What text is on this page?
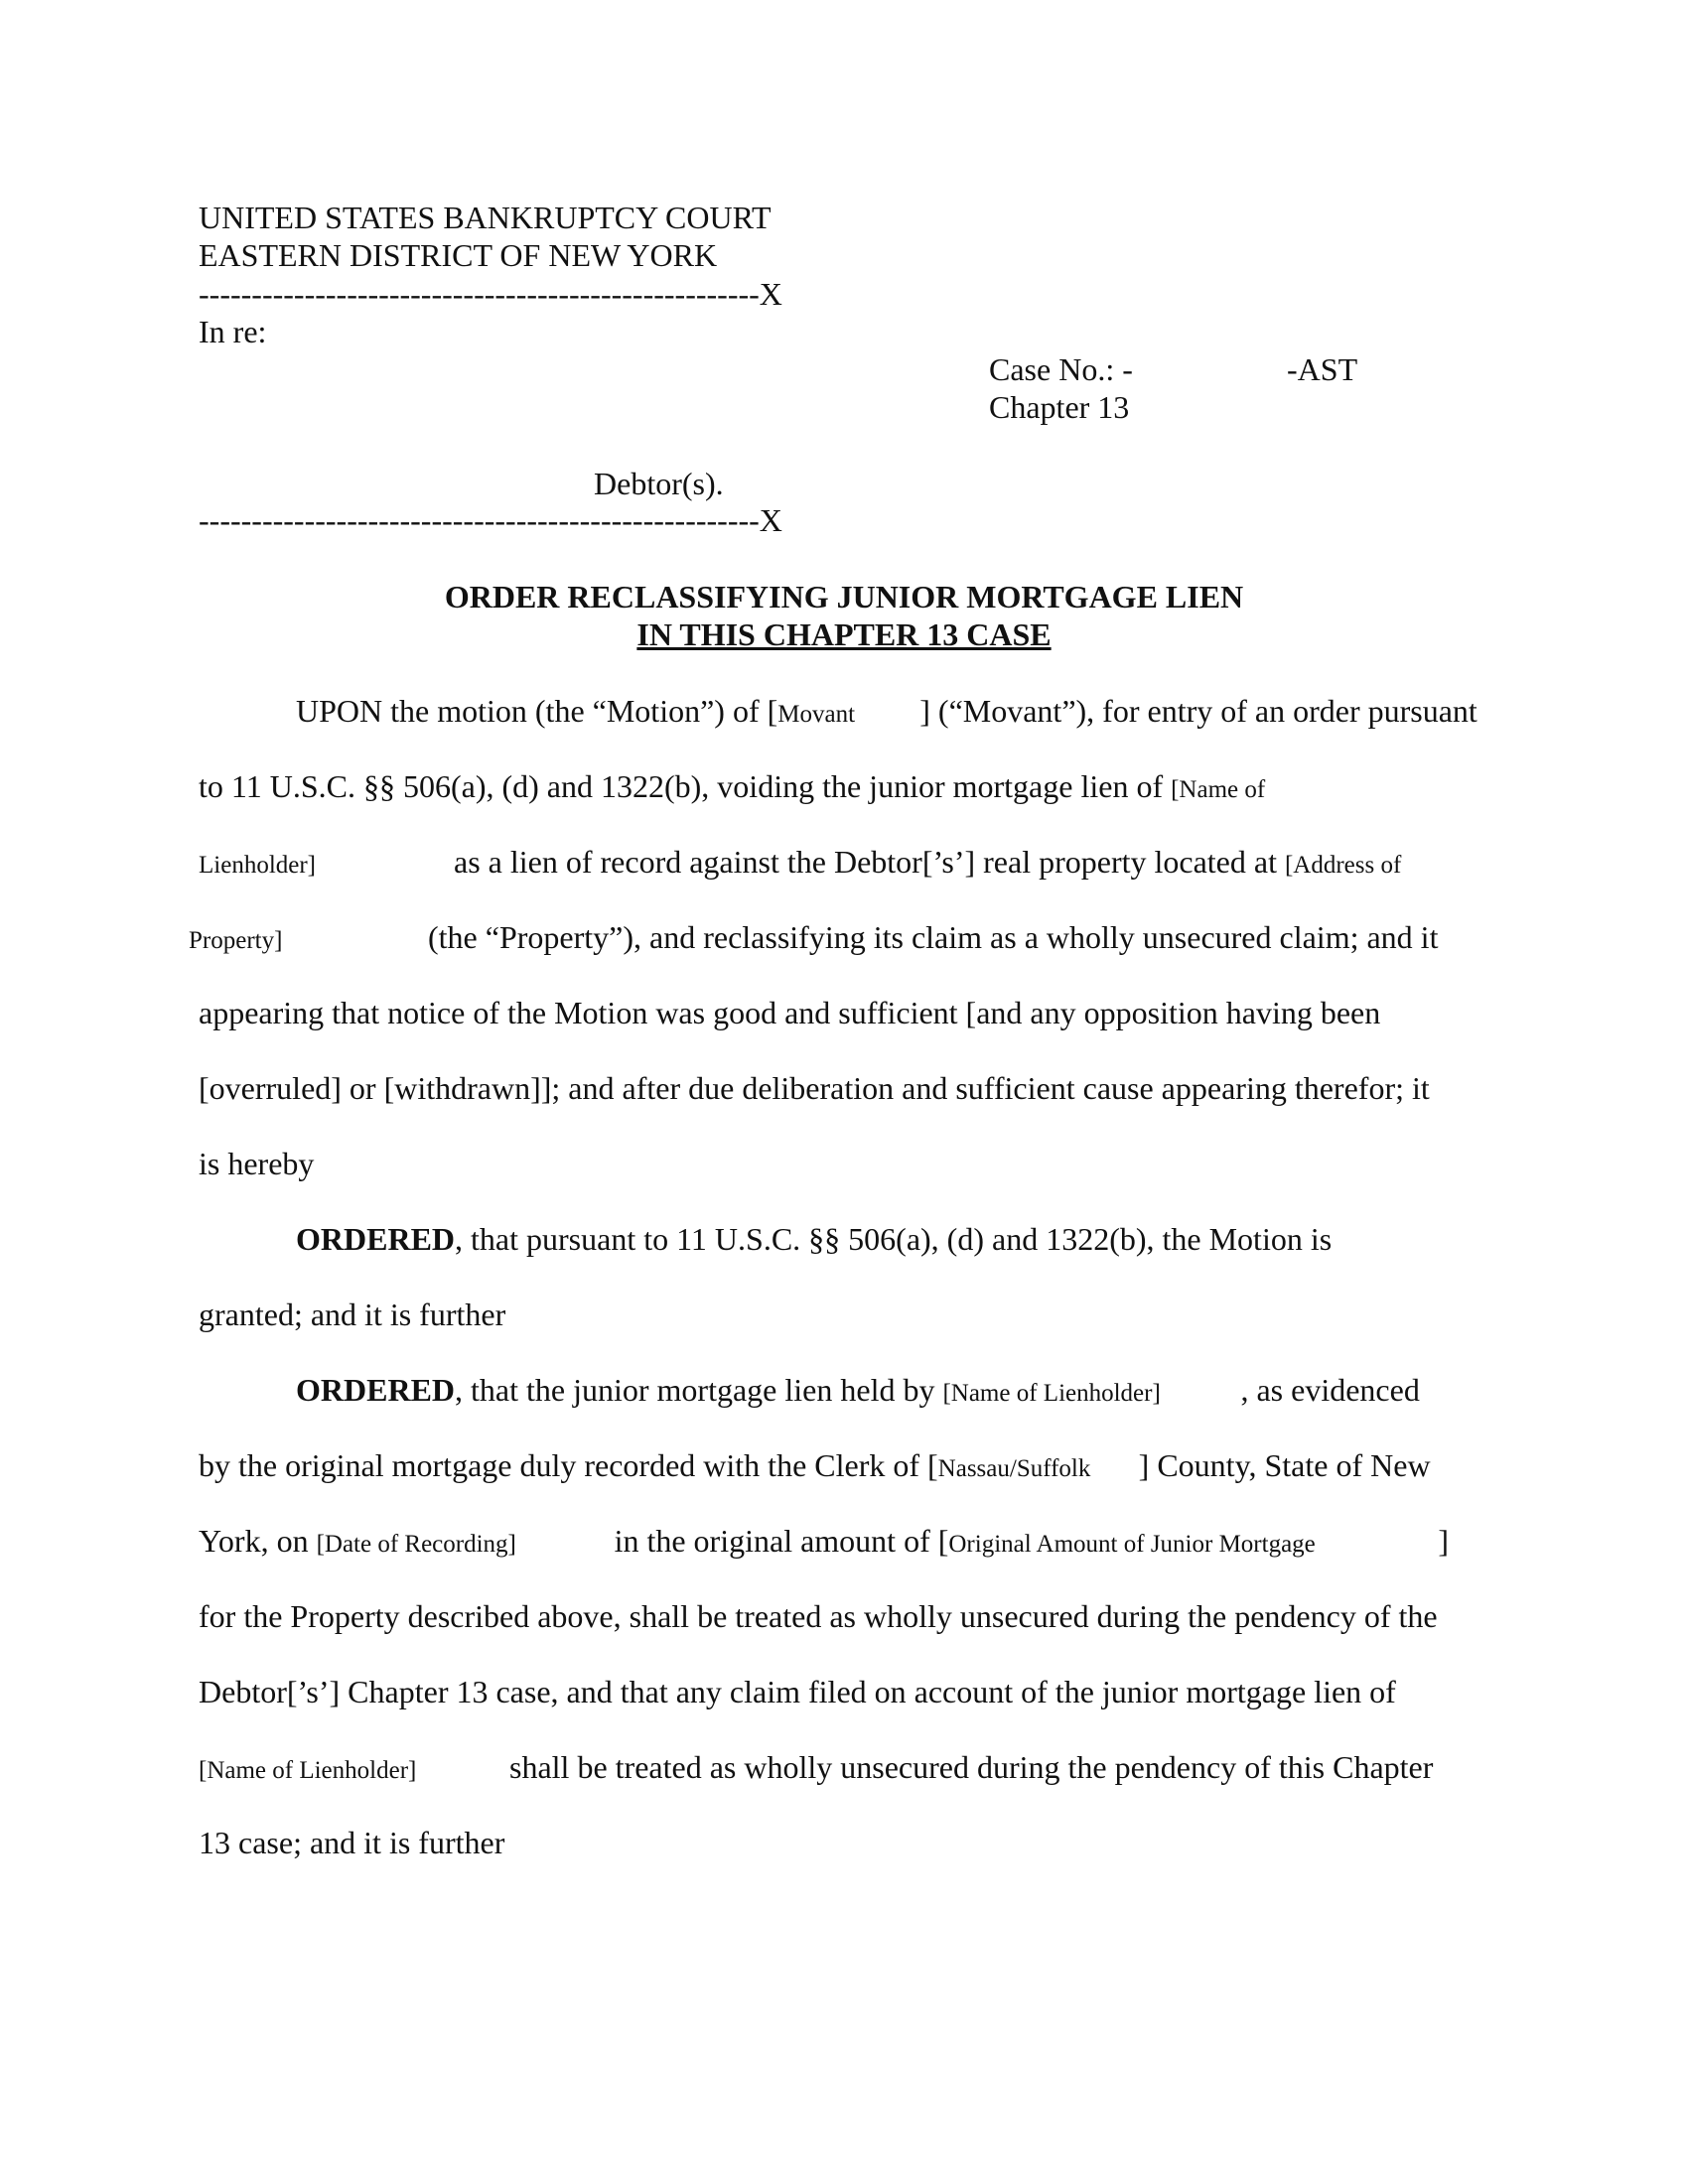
UNITED STATES BANKRUPTCY COURT
EASTERN DISTRICT OF NEW YORK
-----------------------------------------------------X
In re:
Case No.: -	-AST
Chapter 13
Debtor(s).
-----------------------------------------------------X
ORDER RECLASSIFYING JUNIOR MORTGAGE LIEN
IN THIS CHAPTER 13 CASE
UPON the motion (the “Motion”) of [Movant ] (“Movant”), for entry of an order pursuant
to 11 U.S.C. §§ 506(a), (d) and 1322(b), voiding the junior mortgage lien of [Name of
Lienholder]	as a lien of record against the Debtor[’s’] real property located at [Address of
Property]	(the “Property”), and reclassifying its claim as a wholly unsecured claim; and it
appearing that notice of the Motion was good and sufficient [and any opposition having been
[overruled] or [withdrawn]]; and after due deliberation and sufficient cause appearing therefor; it
is hereby
ORDERED, that pursuant to 11 U.S.C. §§ 506(a), (d) and 1322(b), the Motion is
granted; and it is further
ORDERED, that the junior mortgage lien held by [Name of Lienholder]	, as evidenced
by the original mortgage duly recorded with the Clerk of [Nassau/Suffolk ] County, State of New
York, on [Date of Recording]	in the original amount of [Original Amount of Junior Mortgage	]
for the Property described above, shall be treated as wholly unsecured during the pendency of the
Debtor[’s’] Chapter 13 case, and that any claim filed on account of the junior mortgage lien of
[Name of Lienholder]	shall be treated as wholly unsecured during the pendency of this Chapter
13 case; and it is further
